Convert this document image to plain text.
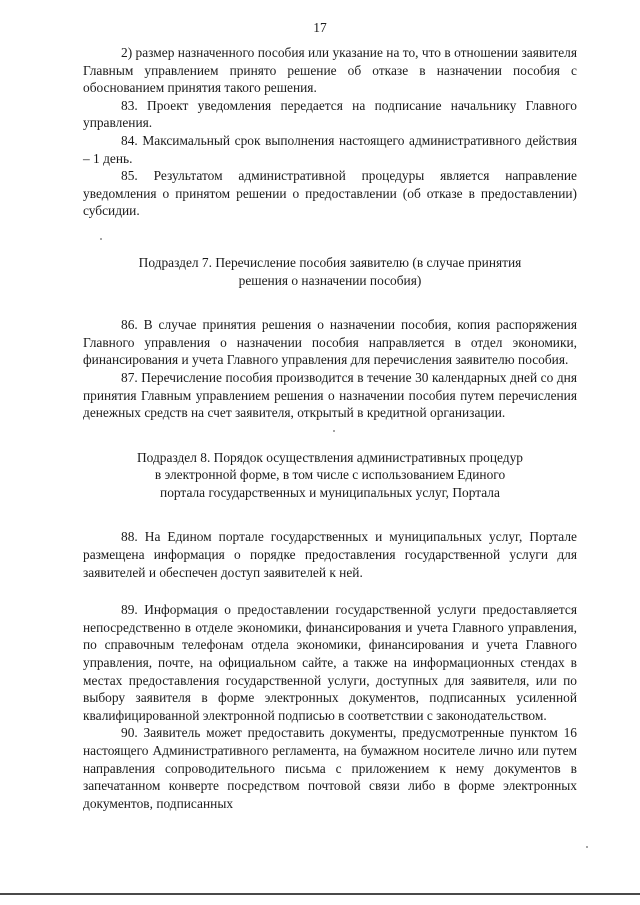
17

2) размер назначенного пособия или указание на то, что в отношении заявителя Главным управлением принято решение об отказе в назначении пособия с обоснованием принятия такого решения.

83. Проект уведомления передается на подписание начальнику Главного управления.

84. Максимальный срок выполнения настоящего административного действия – 1 день.

85. Результатом административной процедуры является направление уведомления о принятом решении о предоставлении (об отказе в предоставлении) субсидии.

Подраздел 7. Перечисление пособия заявителю (в случае принятия

решения о назначении пособия)

86. В случае принятия решения о назначении пособия, копия распоряжения Главного управления о назначении пособия направляется в отдел экономики, финансирования и учета Главного управления для перечисления заявителю пособия.

87. Перечисление пособия производится в течение 30 календарных дней со дня принятия Главным управлением решения о назначении пособия путем перечисления денежных средств на счет заявителя, открытый в кредитной организации.

Подраздел 8. Порядок осуществления административных процедур

в электронной форме, в том числе с использованием Единого

портала государственных и муниципальных услуг, Портала

88. На Едином портале государственных и муниципальных услуг, Портале размещена информация о порядке предоставления государственной услуги для заявителей и обеспечен доступ заявителей к ней.

89. Информация о предоставлении государственной услуги предоставляется непосредственно в отделе экономики, финансирования и учета Главного управления, по справочным телефонам отдела экономики, финансирования и учета Главного управления, почте, на официальном сайте, а также на информационных стендах в местах предоставления государственной услуги, доступных для заявителя, или по выбору заявителя в форме электронных документов, подписанных усиленной квалифицированной электронной подписью в соответствии с законодательством.

90. Заявитель может предоставить документы, предусмотренные пунктом 16 настоящего Административного регламента, на бумажном носителе лично или путем направления сопроводительного письма с приложением к нему документов в запечатанном конверте посредством почтовой связи либо в форме электронных документов, подписанных
